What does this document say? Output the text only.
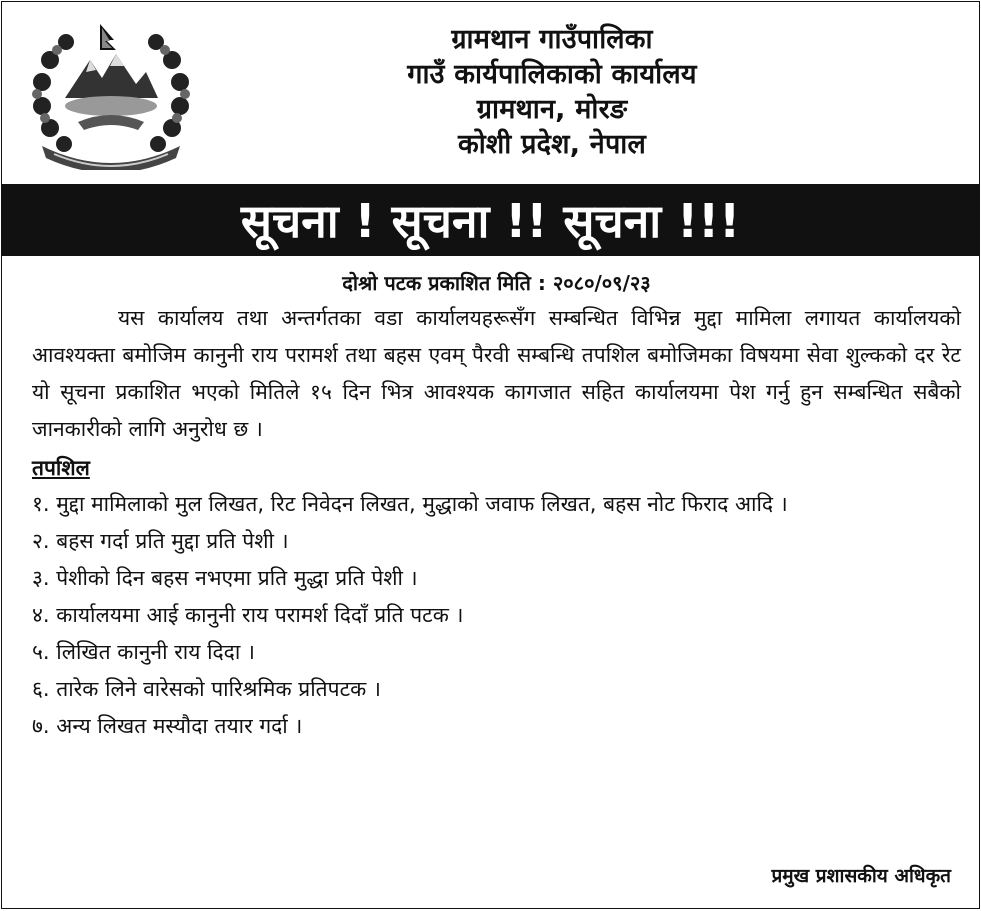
ग्रामथान गाउँपालिका
गाउँ कार्यपालिकाको कार्यालय
ग्रामथान, मोरङ
कोशी प्रदेश, नेपाल
सूचना ! सूचना !! सूचना !!!
दोश्रो पटक प्रकाशित मिति : २०८०/०९/२३

यस कार्यालय तथा अन्तर्गतका वडा कार्यालयहरूसँग सम्बन्धित विभिन्न मुद्दा मामिला लगायत कार्यालयको आवश्यक्ता बमोजिम कानुनी राय परामर्श तथा बहस एवम् पैरवी सम्बन्धि तपशिल बमोजिमका विषयमा सेवा शुल्कको दर रेट यो सूचना प्रकाशित भएको मितिले १५ दिन भित्र आवश्यक कागजात सहित कार्यालयमा पेश गर्नु हुन सम्बन्धित सबैको जानकारीको लागि अनुरोध छ ।

तपशिल
१. मुद्दा मामिलाको मुल लिखत, रिट निवेदन लिखत, मुद्धाको जवाफ लिखत, बहस नोट फिराद आदि ।
२. बहस गर्दा प्रति मुद्दा प्रति पेशी ।
३. पेशीको दिन बहस नभएमा प्रति मुद्धा प्रति पेशी ।
४. कार्यालयमा आई कानुनी राय परामर्श दिदाँ प्रति पटक ।
५. लिखित कानुनी राय दिदा ।
६. तारेक लिने वारेसको पारिश्रमिक प्रतिपटक ।
७. अन्य लिखत मस्यौदा तयार गर्दा ।
प्रमुख प्रशासकीय अधिकृत
